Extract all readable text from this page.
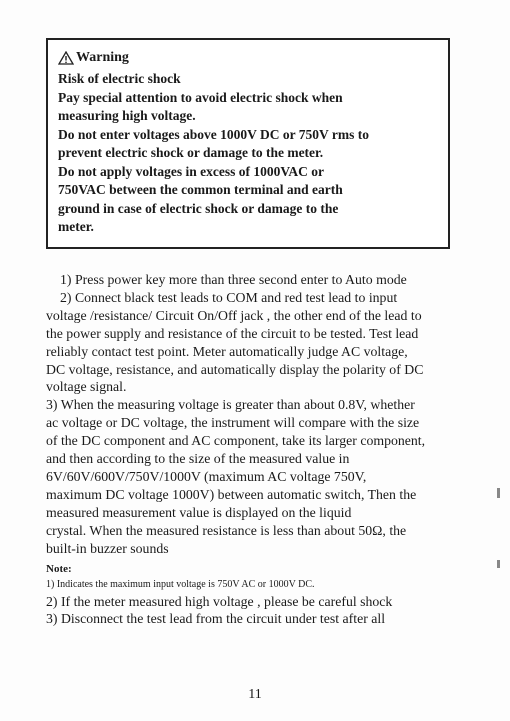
Warning
Risk of electric shock
Pay special attention to avoid electric shock when
measuring high voltage.
Do not enter voltages above 1000V DC or 750V rms to
prevent electric shock or damage to the meter.
Do not apply voltages in excess of 1000VAC or
750VAC between the common terminal and earth
ground in case of electric shock or damage to the
meter.
1) Press power key more than three second enter to Auto mode
2) Connect black test leads to COM and red test lead to input
voltage /resistance/ Circuit On/Off jack , the other end of the lead to
the power supply and resistance of the circuit to be tested. Test lead
reliably contact test point. Meter automatically judge AC voltage,
DC voltage, resistance, and automatically display the polarity of DC
voltage signal.
3) When the measuring voltage is greater than about 0.8V, whether
ac voltage or DC voltage, the instrument will compare with the size
of the DC component and AC component, take its larger component,
and then according to the size of the measured value in
6V/60V/600V/750V/1000V (maximum AC voltage 750V,
maximum DC voltage 1000V) between automatic switch, Then the
measured measurement value is displayed on the liquid
crystal. When the measured resistance is less than about 50Ω, the
built-in buzzer sounds
Note:
1) Indicates the maximum input voltage is 750V AC or 1000V DC.
2) If the meter measured high voltage , please be careful shock
3) Disconnect the test lead from the circuit under test after all
11
